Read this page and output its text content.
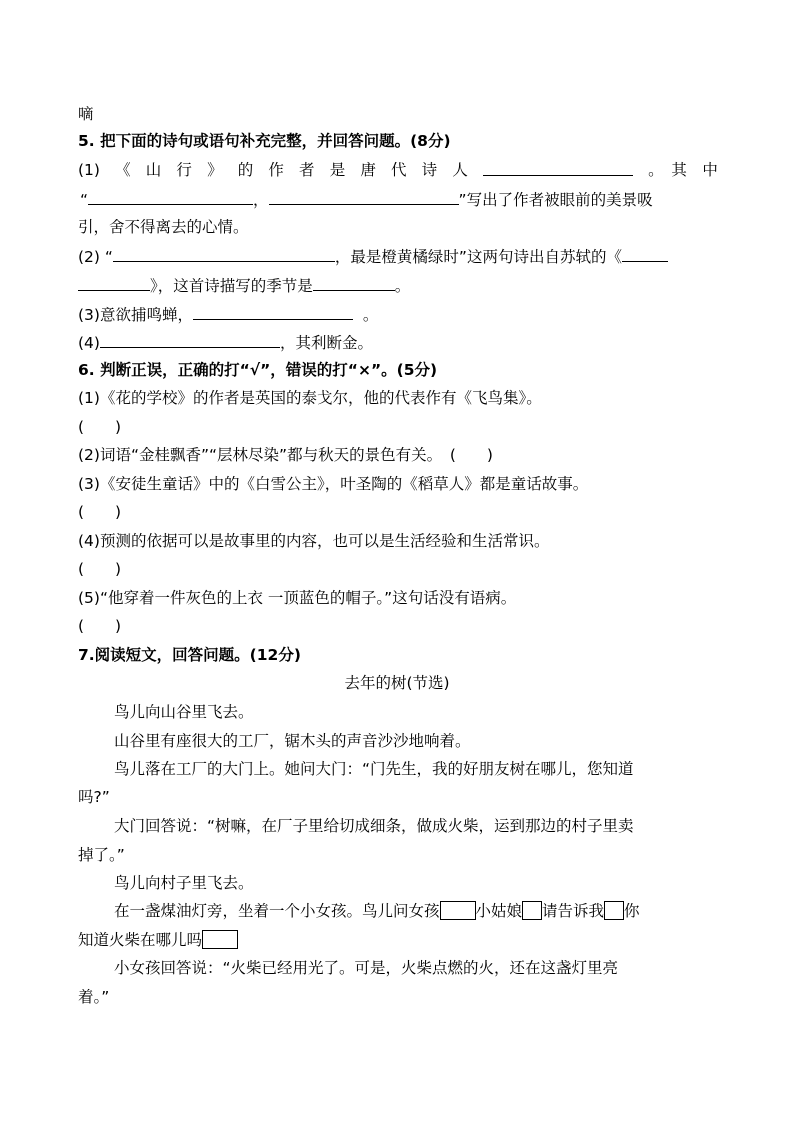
嘀
5. 把下面的诗句或语句补充完整，并回答问题。(8分)
(1) 《 山 行 》 的 作 者 是 唐 代 诗 人	。　其　中
“	，	”写出了作者被眼前的美景吸
引，舍不得离去的心情。
(2) “	，最是橙黄橘绿时”这两句诗出自苏轼的《
》，这首诗描写的季节是	。
(3)意欲捕鸣蝉，	。
(4)	，其利断金。
6. 判断正误，正确的打“√”，错误的打“×”。(5分)
(1)《花的学校》的作者是英国的泰戈尔，他的代表作有《飞鸟集》。
(　　)
(2)词语“金桂飘香”“层林尽染”都与秋天的景色有关。　(　　)
(3)《安徒生童话》中的《白雪公主》，叶圣陶的《稻草人》都是童话故事。
(　　)
(4)预测的依据可以是故事里的内容，也可以是生活经验和生活常识。
(　　)
(5)“他穿着一件灰色的上衣 一顶蓝色的帽子。”这句话没有语病。
(　　)
7.阅读短文，回答问题。(12分)
去年的树(节选)
鸟儿向山谷里飞去。
山谷里有座很大的工厂，锯木头的声音沙沙地响着。
鸟儿落在工厂的大门上。她问大门：“门先生，我的好朋友树在哪儿，您知道
吗?”
大门回答说：“树嘛，在厂子里给切成细条，做成火柴，运到那边的村子里卖
掉了。”
鸟儿向村子里飞去。
在一盏煤油灯旁，坐着一个小女孩。鸟儿问女孩 小姑娘 请告诉我 你
知道火柴在哪儿吗
小女孩回答说：“火柴已经用光了。可是，火柴点燃的火，还在这盏灯里亮
着。”
